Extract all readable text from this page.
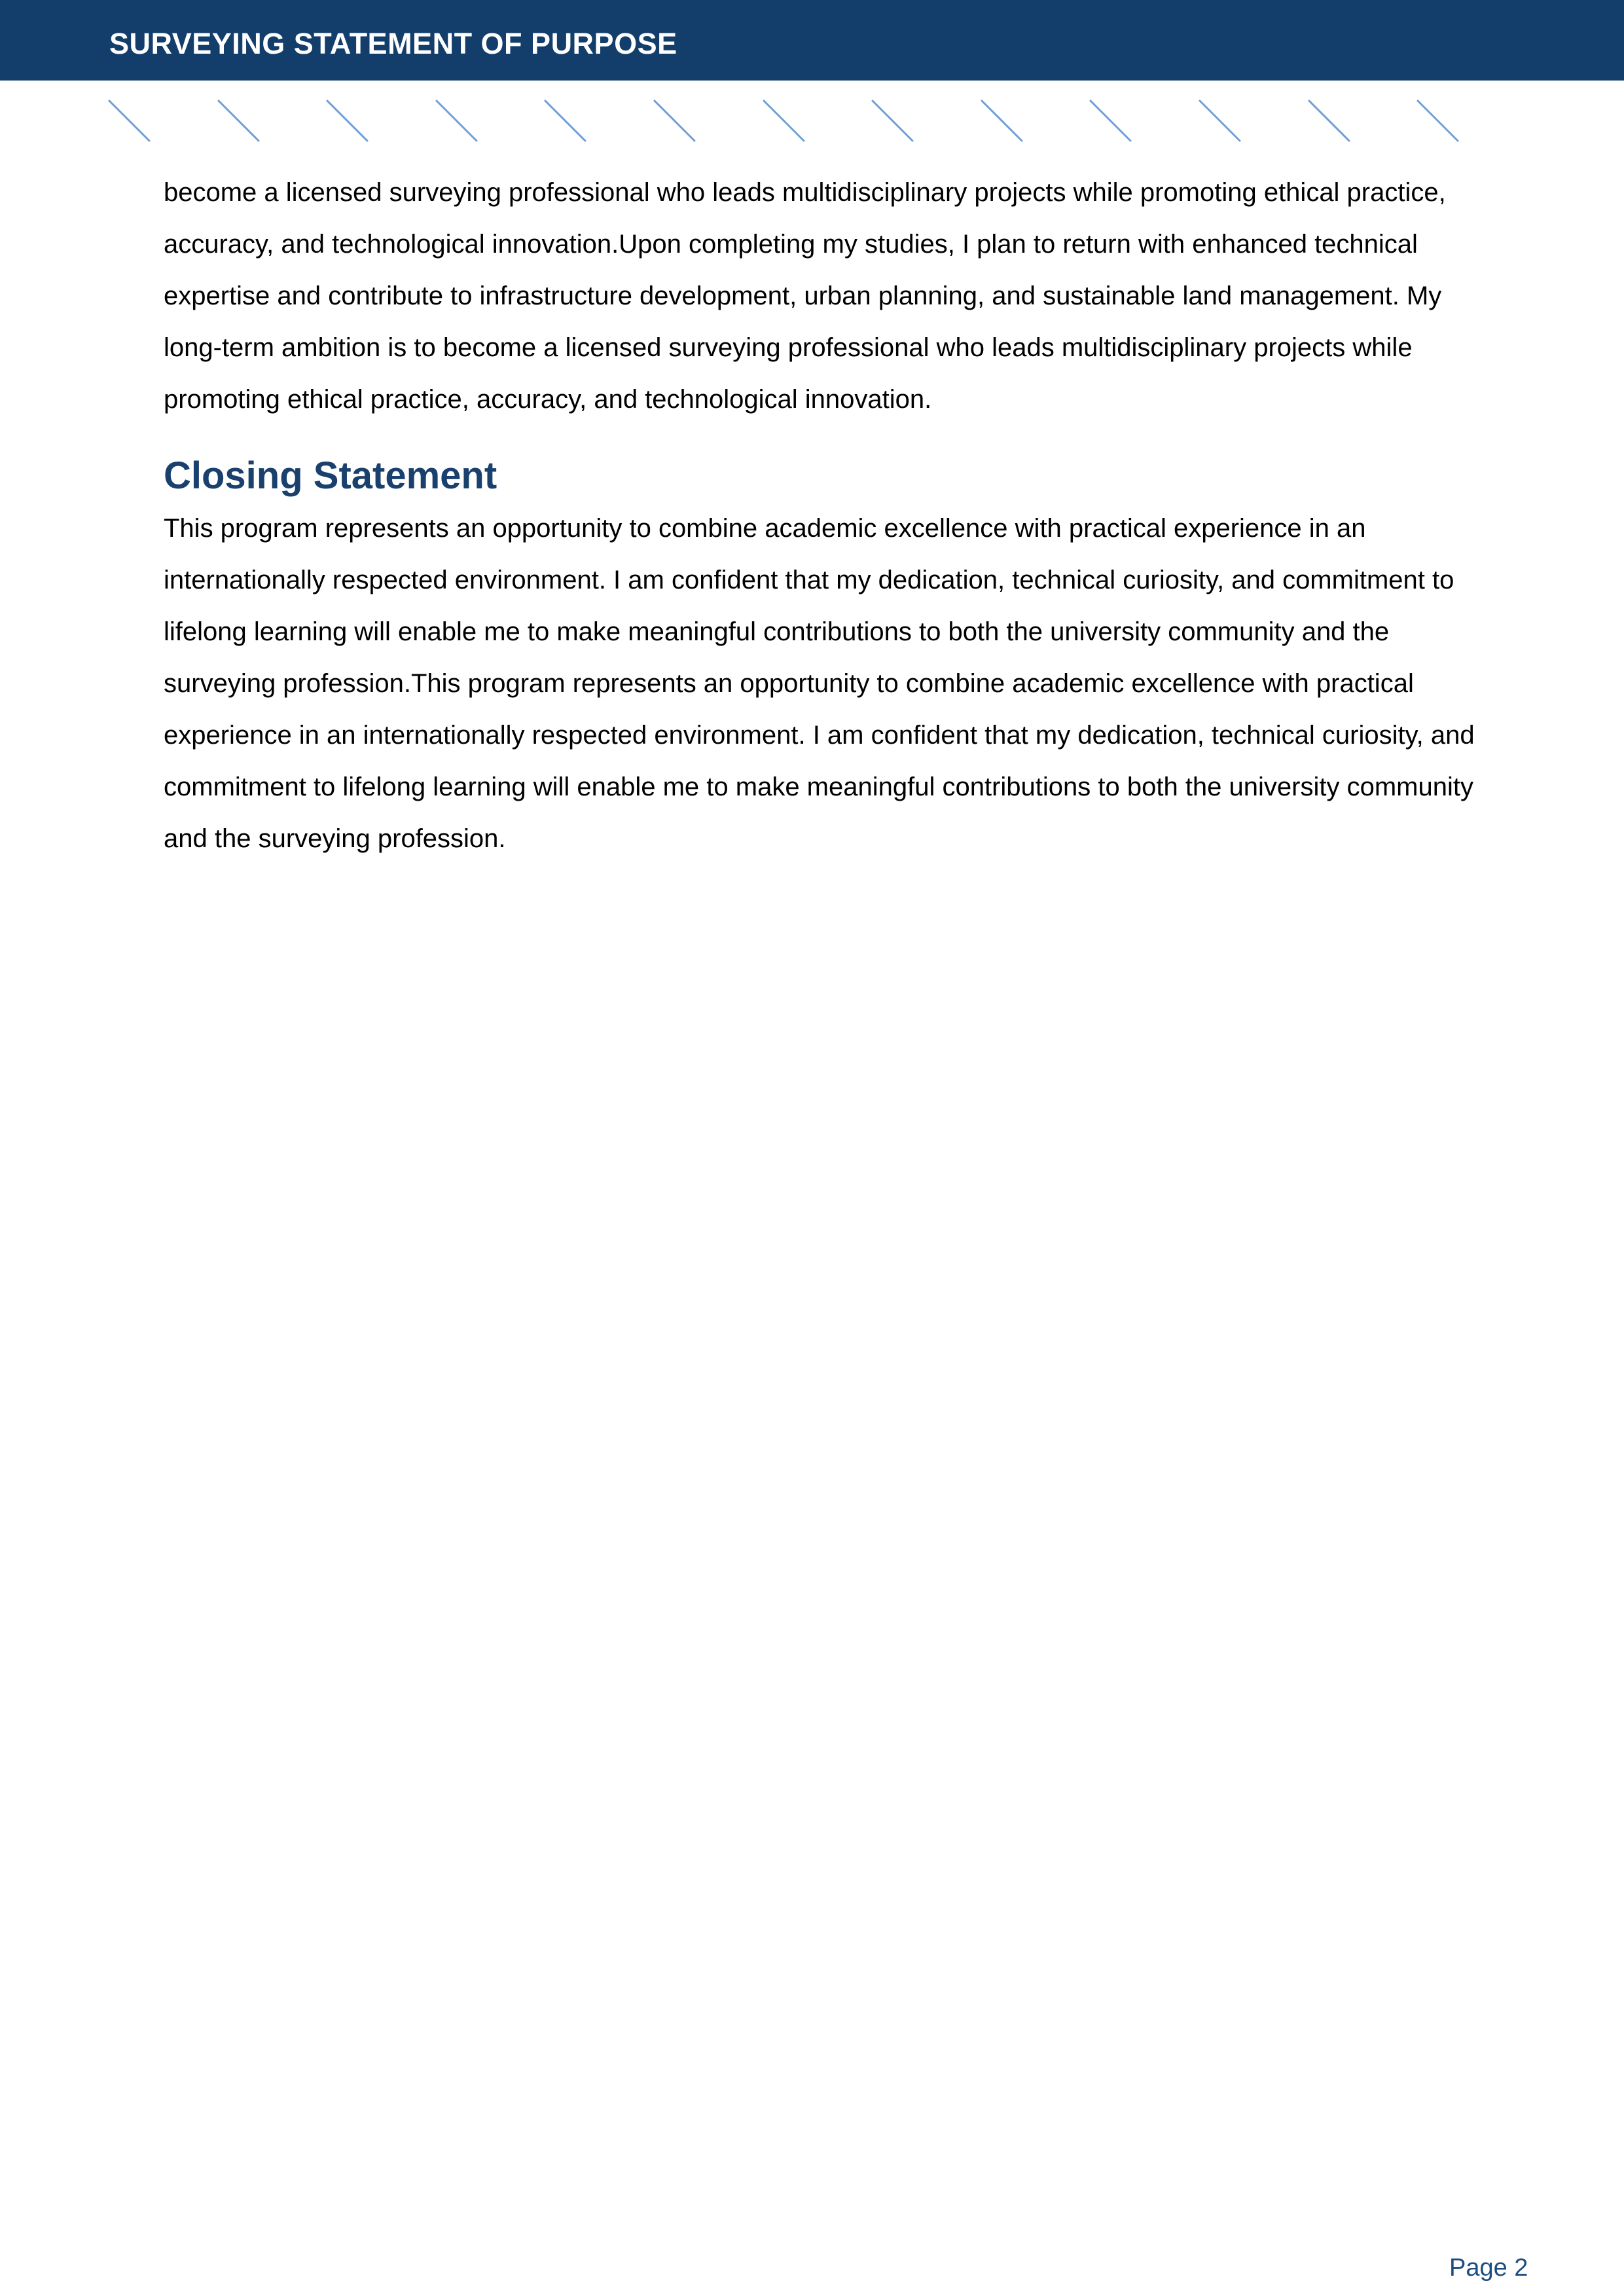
SURVEYING STATEMENT OF PURPOSE

become a licensed surveying professional who leads multidisciplinary projects while promoting ethical practice, accuracy, and technological innovation.Upon completing my studies, I plan to return with enhanced technical expertise and contribute to infrastructure development, urban planning, and sustainable land management. My long-term ambition is to become a licensed surveying professional who leads multidisciplinary projects while promoting ethical practice, accuracy, and technological innovation.

Closing Statement

This program represents an opportunity to combine academic excellence with practical experience in an internationally respected environment. I am confident that my dedication, technical curiosity, and commitment to lifelong learning will enable me to make meaningful contributions to both the university community and the surveying profession.This program represents an opportunity to combine academic excellence with practical experience in an internationally respected environment. I am confident that my dedication, technical curiosity, and commitment to lifelong learning will enable me to make meaningful contributions to both the university community and the surveying profession.

Page 2
